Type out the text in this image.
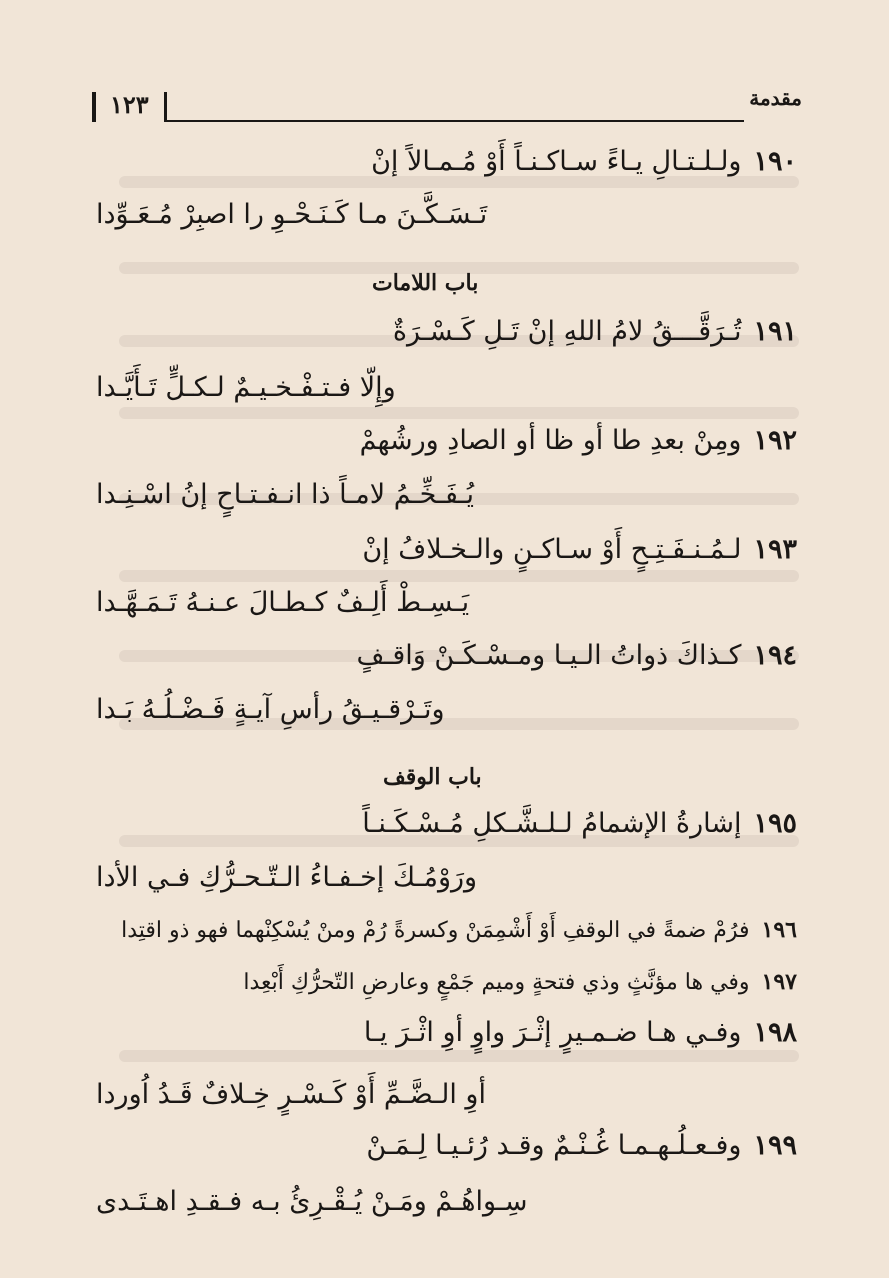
١٢٣	مقدمة
١٩٠ولـلـتـالِ يـاءً سـاكـنـاً أَوْ مُـمـالاً إنْ
تَـسَـكَّـنَ مـا كَـنَـحْـوِ را اصبِرْ مُـعَـوِّدا
باب اللامات
١٩١تُـرَقَّـــقُ لامُ اللهِ إنْ تَـلِ كَـسْـرَةٌ
وإِلّا فـتـفْـخـيـمٌ لـكـلٍّ تَـأَيَّـدا
١٩٢ومِنْ بعدِ طا أو ظا أو الصادِ ورشُهمْ
يُـفَـخِّـمُ لامـاً ذا انـفـتـاحٍ إنُ اسْـنِـدا
١٩٣لـمُـنـفَـتِـحٍ أَوْ سـاكـنٍ والـخـلافُ إنْ
يَـسِـطْ أَلِـفٌ كـطـالَ عـنـهُ تَـمَـهَّـدا
١٩٤كـذاكَ ذواتُ الـيـا ومـسْـكَـنْ وَاقـفٍ
وتَـرْقـيـقُ رأسِ آيـةٍ فَـضْـلُـهُ بَـدا
باب الوقف
١٩٥إشارةُ الإشمامُ لـلـشَّـكلِ مُـسْـكَـنـاً
ورَوْمُـكَ إخـفـاءُ الـتّـحـرُّكِ فـي الأدا
١٩٦فرُمْ ضمةً في الوقفِ أَوْ أَشْمِمَنْ وكسرةً رُمْ ومنْ يُسْكِنْهما فهو ذو اقتِدا
١٩٧وفي ها مؤنَّثٍ وذي فتحةٍ وميم جَمْعٍ وعارضِ التّحرُّكِ أَبْعِدا
١٩٨وفـي هـا ضـمـيرٍ إثْـرَ واوٍ أوِ اثْـرَ يـا
أوِ الـضَّـمِّ أَوْ كَـسْـرٍ خِـلافٌ قَـدُ اُوردا
١٩٩وفـعـلُـهـمـا غُـنْـمٌ وقـد رُئـيـا لِـمَـنْ
سِـواهُـمْ ومَـنْ يُـقْـرِئُ بـه فـقـدِ اهـتَـدى
